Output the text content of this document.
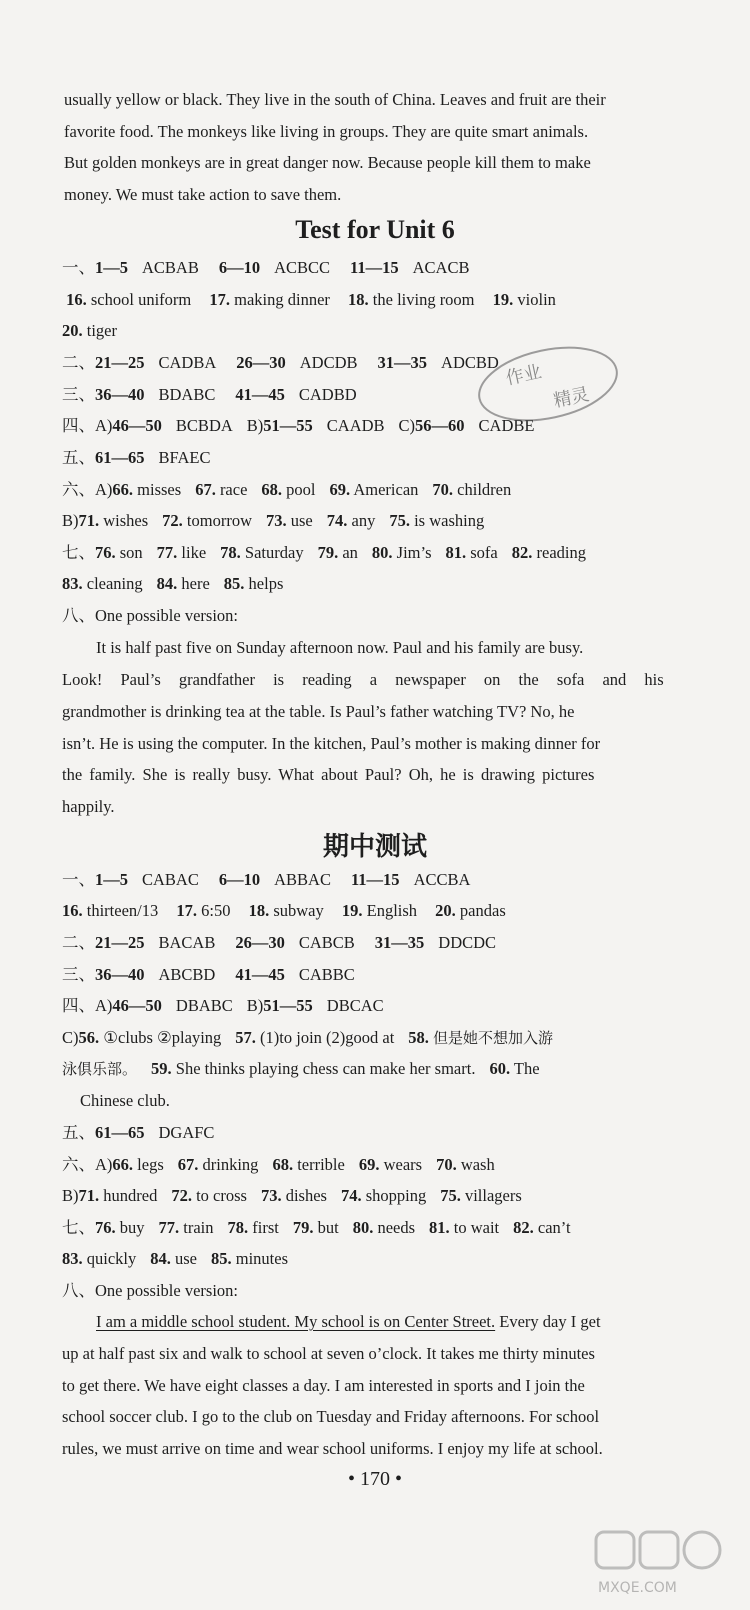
usually yellow or black. They live in the south of China. Leaves and fruit are their
favorite food. The monkeys like living in groups. They are quite smart animals.
But golden monkeys are in great danger now. Because people kill them to make
money. We must take action to save them.
Test for Unit 6
一、1—5 ACBAB 6—10 ACBCC 11—15 ACACB
16. school uniform 17. making dinner 18. the living room 19. violin
20. tiger
二、21—25 CADBA 26—30 ADCDB 31—35 ADCBD
三、36—40 BDABC 41—45 CADBD
四、A)46—50 BCBDA B)51—55 CAADB C)56—60 CADBE
五、61—65 BFAEC
六、A)66. misses 67. race 68. pool 69. American 70. children
B)71. wishes 72. tomorrow 73. use 74. any 75. is washing
七、76. son 77. like 78. Saturday 79. an 80. Jim’s 81. sofa 82. reading
83. cleaning 84. here 85. helps
八、One possible version:
It is half past five on Sunday afternoon now. Paul and his family are busy.
Look! Paul’s grandfather is reading a newspaper on the sofa and his
grandmother is drinking tea at the table. Is Paul’s father watching TV? No, he
isn’t. He is using the computer. In the kitchen, Paul’s mother is making dinner for
the family. She is really busy. What about Paul? Oh, he is drawing pictures
happily.
期中测试
一、1—5 CABAC 6—10 ABBAC 11—15 ACCBA
16. thirteen/13 17. 6:50 18. subway 19. English 20. pandas
二、21—25 BACAB 26—30 CABCB 31—35 DDCDC
三、36—40 ABCBD 41—45 CABBC
四、A)46—50 DBABC B)51—55 DBCAC
C)56. ①clubs ②playing 57. (1)to join (2)good at 58. 但是她不想加入游
泳俱乐部。 59. She thinks playing chess can make her smart. 60. The
Chinese club.
五、61—65 DGAFC
六、A)66. legs 67. drinking 68. terrible 69. wears 70. wash
B)71. hundred 72. to cross 73. dishes 74. shopping 75. villagers
七、76. buy 77. train 78. first 79. but 80. needs 81. to wait 82. can’t
83. quickly 84. use 85. minutes
八、One possible version:
I am a middle school student. My school is on Center Street. Every day I get
up at half past six and walk to school at seven o’clock. It takes me thirty minutes
to get there. We have eight classes a day. I am interested in sports and I join the
school soccer club. I go to the club on Tuesday and Friday afternoons. For school
rules, we must arrive on time and wear school uniforms. I enjoy my life at school.
• 170 •
作业
精灵
MXQE.COM
